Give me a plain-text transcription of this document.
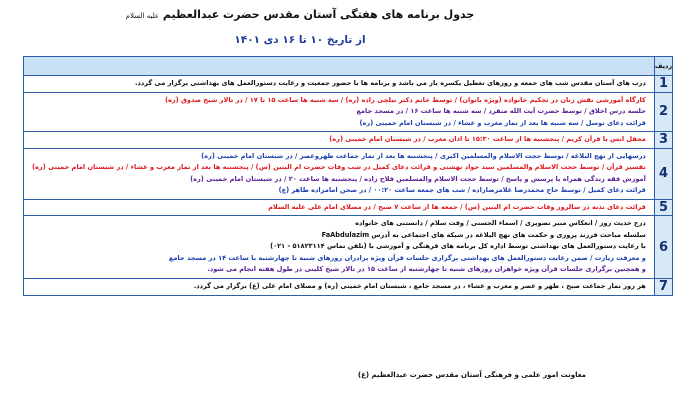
جدول برنامه های هفتگی آستان مقدس حضرت عبدالعظیم علیه السلام
از تاریخ ۱۰ تا ۱۶ دی ۱۴۰۱
ردیف	
1	درب های آستان مقدس شب های جمعه و روزهای تعطیل یکسره باز می باشد و برنامه ها با حضور جمعیت و رعایت دستورالعمل های بهداشتی برگزار می گردد.

2	کارگاه آموزشی نقش زنان در تحکیم خانواده (ویژه بانوان) / توسط خانم دکتر نیلچی زاده (ره) / سه شنبه ها ساعت ۱۵ تا ۱۷ / در تالار شیخ صدوق (ره)
جلسه درس اخلاق / توسط حضرت آیت الله منفرد / سه شنبه ها ساعت ۱۶ / در مسجد جامع
قرائت دعای توسل / سه شنبه ها بعد از نماز مغرب و عشاء / در شبستان امام خمینی (ره)

3	محفل انس با قرآن کریم / پنجشنبه ها از ساعت ۱۵:۳۰ تا اذان مغرب / در شبستان امام خمینی (ره)

4	درسهایی از نهج البلاغه / توسط حجت الاسلام والمسلمین اکبری / پنجشنبه ها بعد از نماز جماعت ظهروعصر / در شبستان امام خمینی (ره)
تفسیر قرآن / توسط حجت الاسلام والمسلمین سید جواد بهشتی و قرائت دعای کمیل در شب وفات حضرت ام البنین (س) / پنجشنبه ها بعد از نماز مغرب و عشاء / در شبستان امام خمینی (ره)
آموزش فقه زندگی همراه با پرسش و پاسخ / توسط حجت الاسلام والمسلمین فلاح زاده / پنجشنبه ها ساعت ۲۰ / در شبستان امام خمینی (ره)
قرائت دعای کمیل / توسط حاج محمدرضا غلامرضازاده / شب های جمعه ساعت ۰۰:۲۰ / در صحن امامزاده طاهر (ع)

5	قرائت دعای ندبه در سالروز وفات حضرت ام البنین (س) / جمعه ها از ساعت ۷ صبح / در مصلای امام علی علیه السلام

6	درج حدیث روز / انعکاس منبر تصویری / اسماء الحسنی / وقت سلام / دانستنی های خانواده
سلسله مباحث فرزند پروری و حکمت های نهج البلاغه در شبکه های اجتماعی به آدرس FaAbdulazim
با رعایت دستورالعمل های بهداشتی توسط اداره کل برنامه های فرهنگی و آموزشی با (تلفن تماس ۵۱۸۲۳۱۱۴ - ۰۲۱)
و معرفت زیارت / ضمن رعایت دستورالعمل های بهداشتی برگزاری جلسات قرآن ویژه برادران روزهای شنبه تا چهارشنبه با ساعت ۱۴ در مسجد جامع
و همچنین برگزاری جلسات قرآن ویژه خواهران روزهای شنبه تا چهارشنبه از ساعت ۱۵ در تالار شیخ کلینی در طول هفته انجام می شود.

7	هر روز نماز جماعت صبح ، ظهر و عصر و مغرب و عشاء ، در مسجد جامع ، شبستان امام خمینی (ره) و مصلای امام علی (ع) برگزار می گردد.
معاونت امور علمی و فرهنگی آستان مقدس حضرت عبدالعظیم (ع)
